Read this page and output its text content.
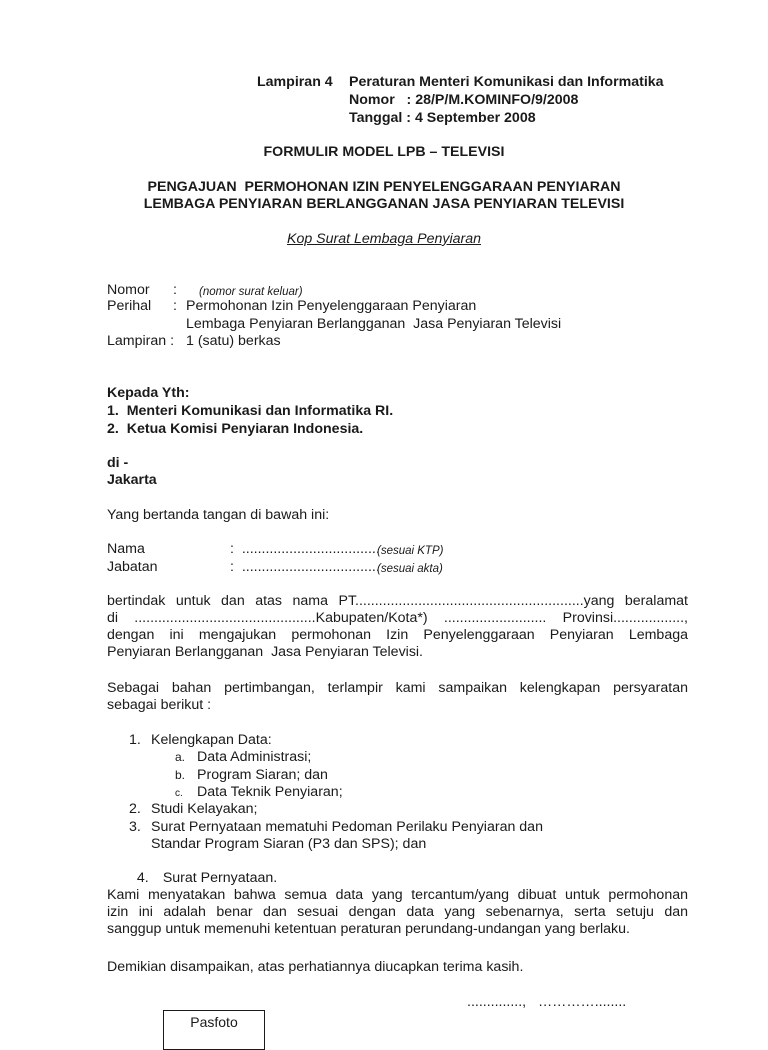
Lampiran 4 Peraturan Menteri Komunikasi dan Informatika
Nomor   : 28/P/M.KOMINFO/9/2008
Tanggal : 4 September 2008
FORMULIR MODEL LPB – TELEVISI
PENGAJUAN  PERMOHONAN IZIN PENYELENGGARAAN PENYIARAN
LEMBAGA PENYIARAN BERLANGGANAN JASA PENYIARAN TELEVISI
Kop Surat Lembaga Penyiaran
Nomor : (nomor surat keluar)
Perihal : Permohonan Izin Penyelenggaraan Penyiaran
Lembaga Penyiaran Berlangganan  Jasa Penyiaran Televisi
Lampiran : 1 (satu) berkas
Kepada Yth:
1.  Menteri Komunikasi dan Informatika RI.
2.  Ketua Komisi Penyiaran Indonesia.
di -
Jakarta
Yang bertanda tangan di bawah ini:
Nama	:  ...................................
(sesuai KTP)
Jabatan	:  ...................................
(sesuai akta)
bertindak untuk dan atas nama PT..........................................................yang beralamat
di ..............................................Kabupaten/Kota*) .......................... Provinsi..................,
dengan ini mengajukan permohonan Izin Penyelenggaraan Penyiaran Lembaga
Penyiaran Berlangganan  Jasa Penyiaran Televisi.
Sebagai bahan pertimbangan, terlampir kami sampaikan kelengkapan persyaratan
sebagai berikut :
1. Kelengkapan Data:
a. Data Administrasi;
b. Program Siaran; dan
c. Data Teknik Penyiaran;
2. Studi Kelayakan;
3. Surat Pernyataan mematuhi Pedoman Perilaku Penyiaran dan
Standar Program Siaran (P3 dan SPS); dan

4. Surat Pernyataan.

Kami menyatakan bahwa semua data yang tercantum/yang dibuat untuk permohonan
izin ini adalah benar dan sesuai dengan data yang sebenarnya, serta setuju dan
sanggup untuk memenuhi ketentuan peraturan perundang-undangan yang berlaku.
Demikian disampaikan, atas perhatiannya diucapkan terima kasih.
..............,   …………........
Pasfoto
